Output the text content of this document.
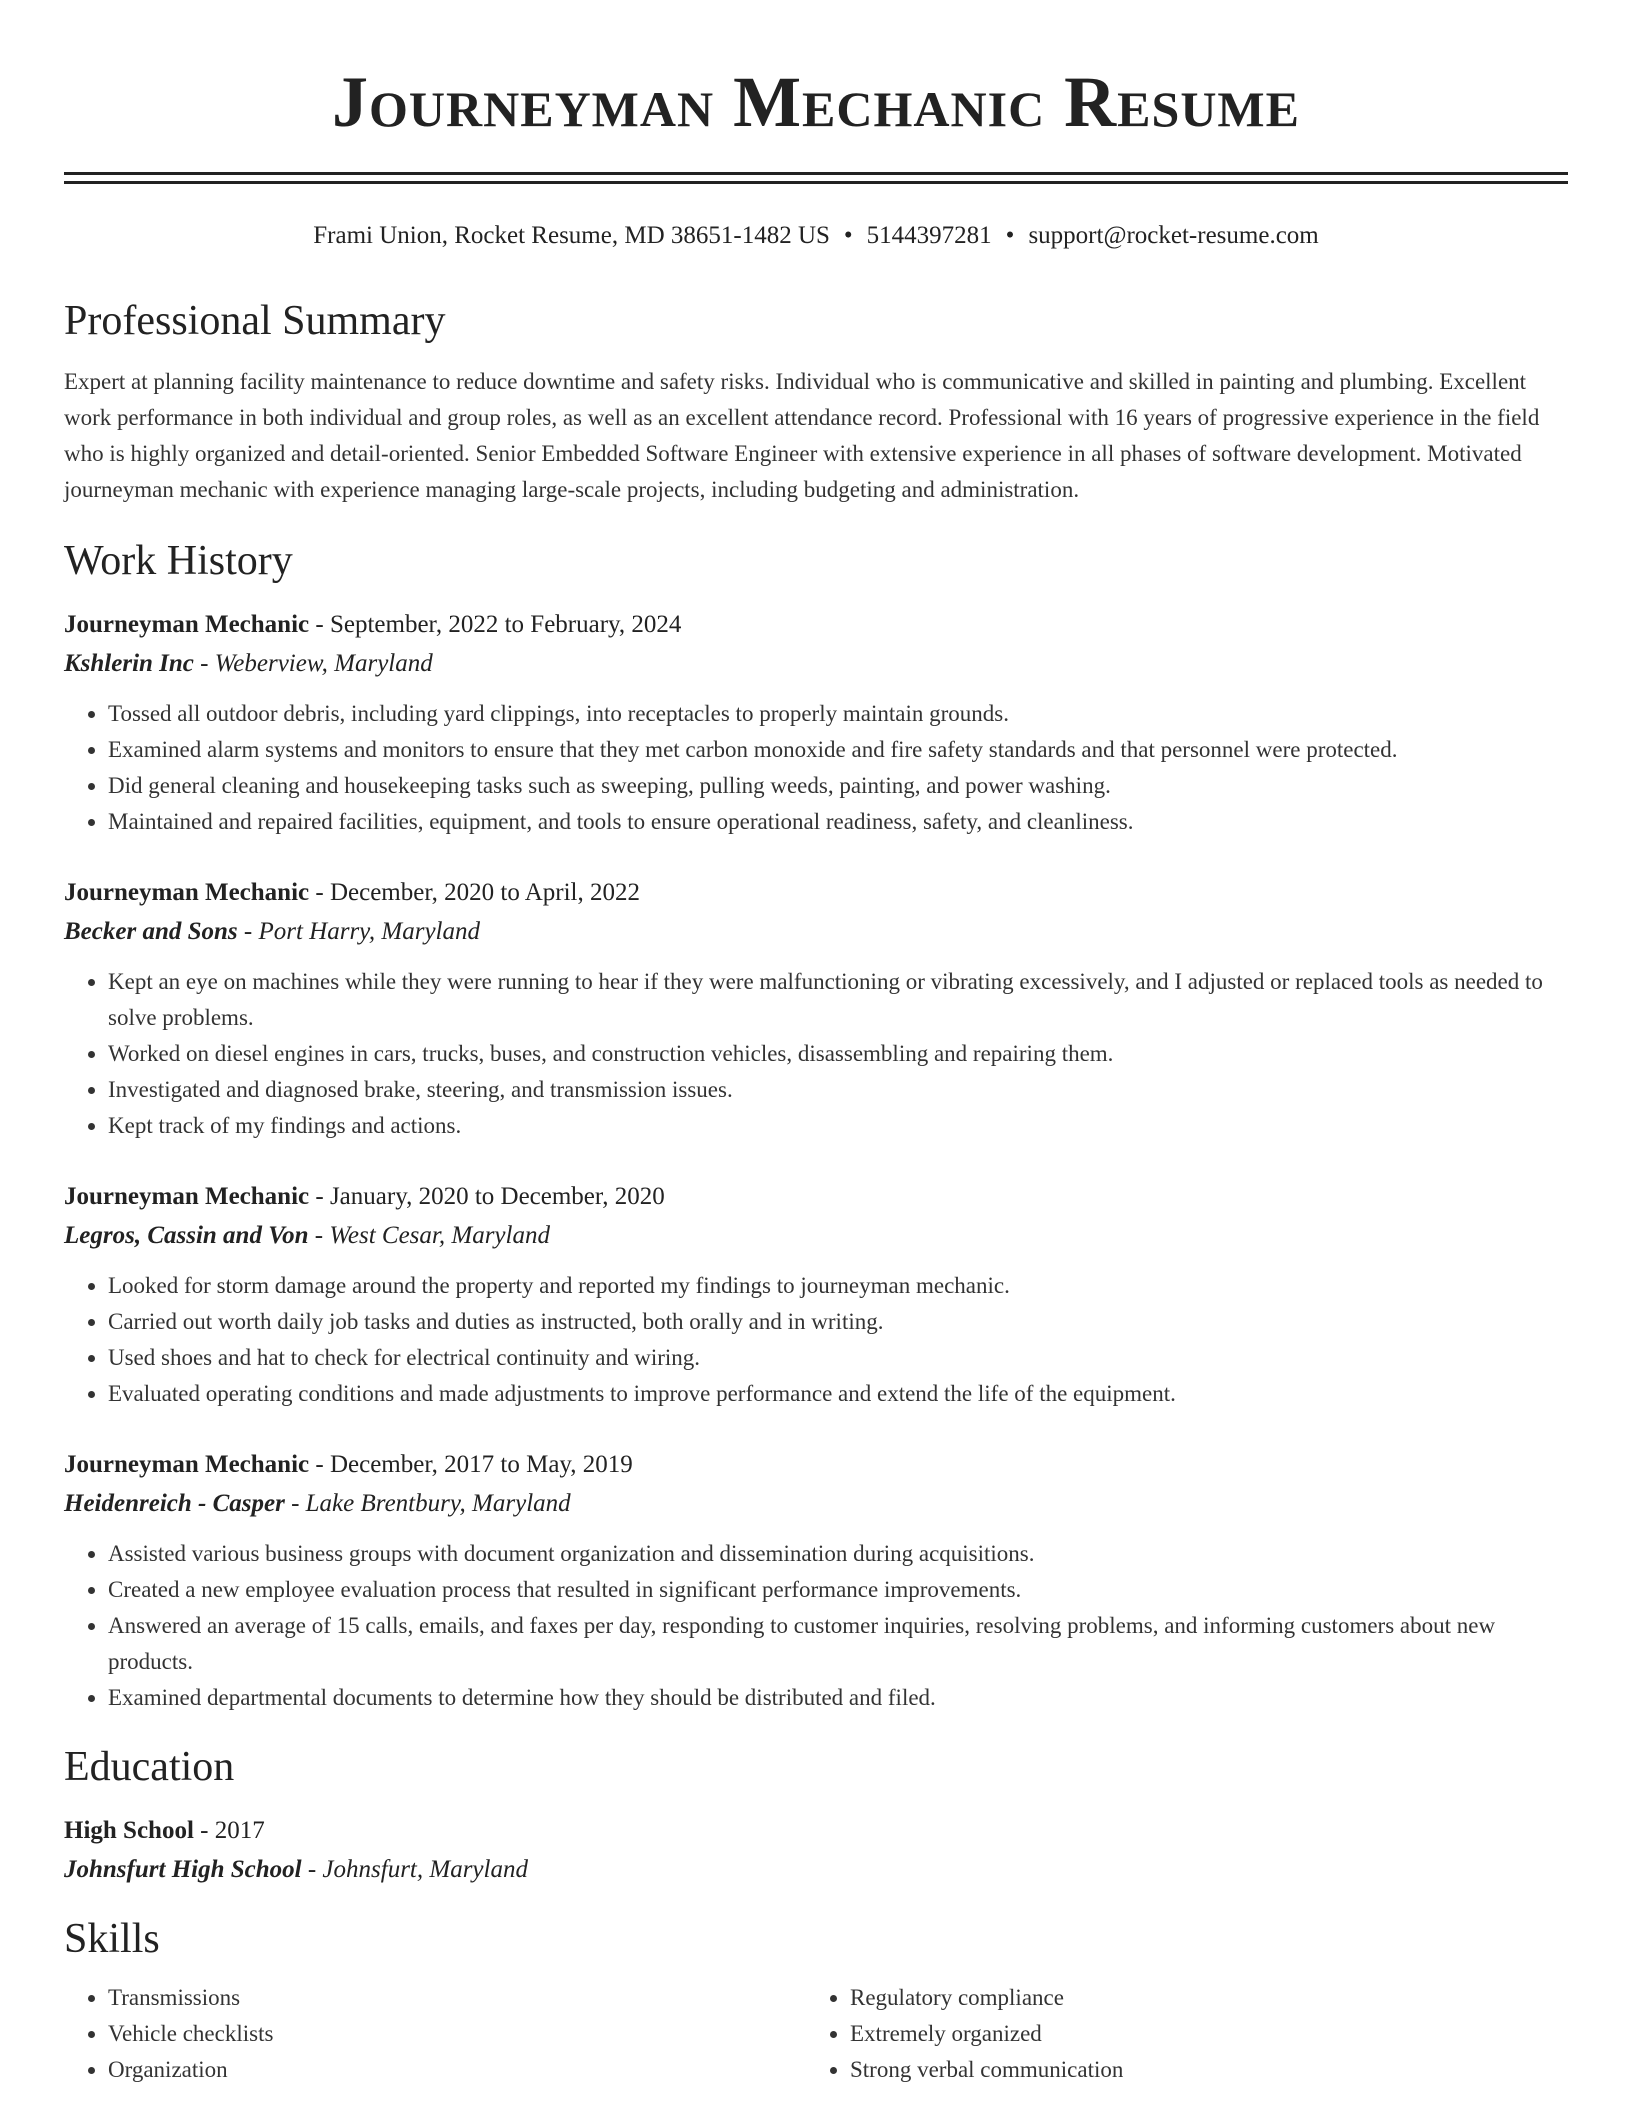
Journeyman Mechanic Resume
Frami Union, Rocket Resume, MD 38651-1482 US • 5144397281 • support@rocket-resume.com
Professional Summary

Expert at planning facility maintenance to reduce downtime and safety risks. Individual who is communicative and skilled in painting and plumbing. Excellent work performance in both individual and group roles, as well as an excellent attendance record. Professional with 16 years of progressive experience in the field who is highly organized and detail-oriented. Senior Embedded Software Engineer with extensive experience in all phases of software development. Motivated journeyman mechanic with experience managing large-scale projects, including budgeting and administration.

Work History
Journeyman Mechanic - September, 2022 to February, 2024
Kshlerin Inc - Weberview, Maryland
• Tossed all outdoor debris, including yard clippings, into receptacles to properly maintain grounds.
• Examined alarm systems and monitors to ensure that they met carbon monoxide and fire safety standards and that personnel were protected.
• Did general cleaning and housekeeping tasks such as sweeping, pulling weeds, painting, and power washing.
• Maintained and repaired facilities, equipment, and tools to ensure operational readiness, safety, and cleanliness.
Journeyman Mechanic - December, 2020 to April, 2022
Becker and Sons - Port Harry, Maryland
• Kept an eye on machines while they were running to hear if they were malfunctioning or vibrating excessively, and I adjusted or replaced tools as needed to solve problems.
• Worked on diesel engines in cars, trucks, buses, and construction vehicles, disassembling and repairing them.
• Investigated and diagnosed brake, steering, and transmission issues.
• Kept track of my findings and actions.
Journeyman Mechanic - January, 2020 to December, 2020
Legros, Cassin and Von - West Cesar, Maryland
• Looked for storm damage around the property and reported my findings to journeyman mechanic.
• Carried out worth daily job tasks and duties as instructed, both orally and in writing.
• Used shoes and hat to check for electrical continuity and wiring.
• Evaluated operating conditions and made adjustments to improve performance and extend the life of the equipment.
Journeyman Mechanic - December, 2017 to May, 2019
Heidenreich - Casper - Lake Brentbury, Maryland
• Assisted various business groups with document organization and dissemination during acquisitions.
• Created a new employee evaluation process that resulted in significant performance improvements.
• Answered an average of 15 calls, emails, and faxes per day, responding to customer inquiries, resolving problems, and informing customers about new products.
• Examined departmental documents to determine how they should be distributed and filed.
Education
High School - 2017
Johnsfurt High School - Johnsfurt, Maryland
Skills
• Transmissions
• Vehicle checklists
• Organization
• Regulatory compliance
• Extremely organized
• Strong verbal communication
